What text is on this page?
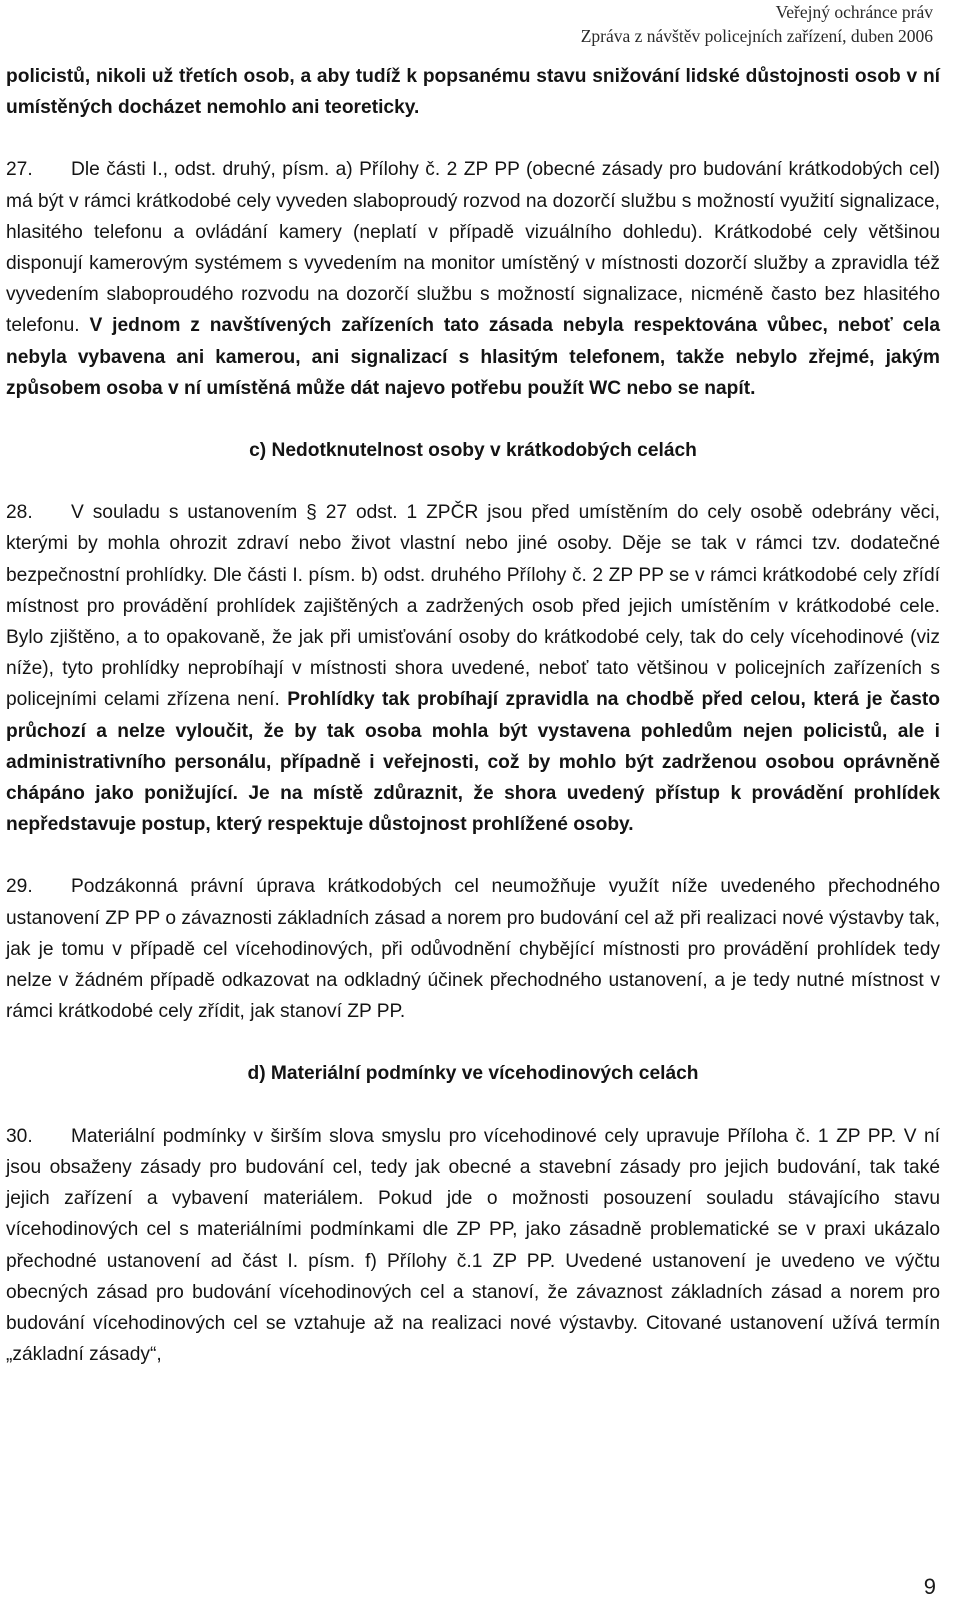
Veřejný ochránce práv
Zpráva z návštěv policejních zařízení, duben 2006

policistů, nikoli už třetích osob, a aby tudíž k popsanému stavu snižování lidské důstojnosti osob v ní umístěných docházet nemohlo ani teoreticky.

27. Dle části I., odst. druhý, písm. a) Přílohy č. 2 ZP PP (obecné zásady pro budování krátkodobých cel) má být v rámci krátkodobé cely vyveden slaboproudý rozvod na dozorčí službu s možností využití signalizace, hlasitého telefonu a ovládání kamery (neplatí v případě vizuálního dohledu). Krátkodobé cely většinou disponují kamerovým systémem s vyvedením na monitor umístěný v místnosti dozorčí služby a zpravidla též vyvedením slaboproudého rozvodu na dozorčí službu s možností signalizace, nicméně často bez hlasitého telefonu. V jednom z navštívených zařízeních tato zásada nebyla respektována vůbec, neboť cela nebyla vybavena ani kamerou, ani signalizací s hlasitým telefonem, takže nebylo zřejmé, jakým způsobem osoba v ní umístěná může dát najevo potřebu použít WC nebo se napít.

c) Nedotknutelnost osoby v krátkodobých celách

28. V souladu s ustanovením § 27 odst. 1 ZPČR jsou před umístěním do cely osobě odebrány věci, kterými by mohla ohrozit zdraví nebo život vlastní nebo jiné osoby. Děje se tak v rámci tzv. dodatečné bezpečnostní prohlídky. Dle části I. písm. b) odst. druhého Přílohy č. 2 ZP PP se v rámci krátkodobé cely zřídí místnost pro provádění prohlídek zajištěných a zadržených osob před jejich umístěním v krátkodobé cele. Bylo zjištěno, a to opakovaně, že jak při umisťování osoby do krátkodobé cely, tak do cely vícehodinové (viz níže), tyto prohlídky neprobíhají v místnosti shora uvedené, neboť tato většinou v policejních zařízeních s policejními celami zřízena není. Prohlídky tak probíhají zpravidla na chodbě před celou, která je často průchozí a nelze vyloučit, že by tak osoba mohla být vystavena pohledům nejen policistů, ale i administrativního personálu, případně i veřejnosti, což by mohlo být zadrženou osobou oprávněně chápáno jako ponižující. Je na místě zdůraznit, že shora uvedený přístup k provádění prohlídek nepředstavuje postup, který respektuje důstojnost prohlížené osoby.

29. Podzákonná právní úprava krátkodobých cel neumožňuje využít níže uvedeného přechodného ustanovení ZP PP o závaznosti základních zásad a norem pro budování cel až při realizaci nové výstavby tak, jak je tomu v případě cel vícehodinových, při odůvodnění chybějící místnosti pro provádění prohlídek tedy nelze v žádném případě odkazovat na odkladný účinek přechodného ustanovení, a je tedy nutné místnost v rámci krátkodobé cely zřídit, jak stanoví ZP PP.

d) Materiální podmínky ve vícehodinových celách

30. Materiální podmínky v širším slova smyslu pro vícehodinové cely upravuje Příloha č. 1 ZP PP. V ní jsou obsaženy zásady pro budování cel, tedy jak obecné a stavební zásady pro jejich budování, tak také jejich zařízení a vybavení materiálem. Pokud jde o možnosti posouzení souladu stávajícího stavu vícehodinových cel s materiálními podmínkami dle ZP PP, jako zásadně problematické se v praxi ukázalo přechodné ustanovení ad část I. písm. f) Přílohy č.1 ZP PP. Uvedené ustanovení je uvedeno ve výčtu obecných zásad pro budování vícehodinových cel a stanoví, že závaznost základních zásad a norem pro budování vícehodinových cel se vztahuje až na realizaci nové výstavby. Citované ustanovení užívá termín „základní zásady“,

9
